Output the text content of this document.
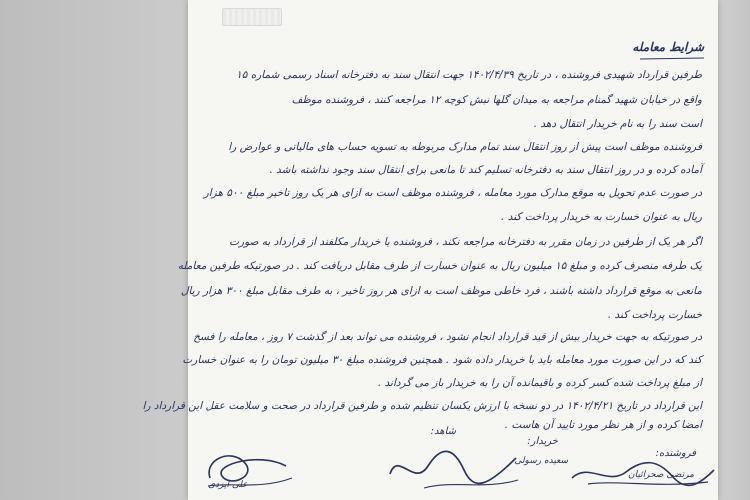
شرایط معامله
طرفین قرارداد شهیدی فروشنده ، در تاریخ ۱۴۰۲/۴/۳۹ جهت انتقال سند به دفترخانه اسناد رسمی شماره ۱۵
واقع در خیابان شهید گمنام مراجعه به میدان گلها نبش کوچه ۱۲ مراجعه کنند ، فروشنده موظف
است سند را به نام خریدار انتقال دهد .
فروشنده موظف است پیش از روز انتقال سند تمام مدارک مربوطه به تسویه حساب های مالیاتی و عوارض را
آماده کرده و در روز انتقال سند به دفترخانه تسلیم کند تا مانعی برای انتقال سند وجود نداشته باشد .
در صورت عدم تحویل به موقع مدارک مورد معامله ، فروشنده موظف است به ازای هر یک روز تاخیر مبلغ ۵۰۰ هزار
ریال به عنوان خسارت به خریدار پرداخت کند .
اگر هر یک از طرفین در زمان مقرر به دفترخانه مراجعه نکند ، فروشنده یا خریدار مکلفند از قرارداد به صورت
یک طرفه منصرف کرده و مبلغ ۱۵ میلیون ریال به عنوان خسارت از طرف مقابل دریافت کند . در صورتیکه طرفین معامله
مانعی به موقع قرارداد داشته باشند ، فرد خاطی موظف است به ازای هر روز تاخیر ، به طرف مقابل مبلغ ۳۰۰ هزار ریال
خسارت پرداخت کند .
در صورتیکه به جهت خریدار بیش از قید قرارداد انجام نشود ، فروشنده می تواند بعد از گذشت ۷ روز ، معامله را فسخ
کند که در این صورت مورد معامله باید با خریدار داده شود . همچنین فروشنده مبلغ ۳۰ میلیون تومان را به عنوان خسارت
از مبلغ پرداخت شده کسر کرده و باقیمانده آن را به خریدار باز می گرداند .
این قرارداد در تاریخ ۱۴۰۲/۴/۲۱ در دو نسخه با ارزش یکسان تنظیم شده و طرفین قرارداد در صحت و سلامت عقل این قرارداد را
امضا کرده و از هر نظر مورد تایید آن هاست .
فروشنده:
خریدار:
شاهد:
مرتضی صحرائیان
سعیده رسولی
علی ایزدی
